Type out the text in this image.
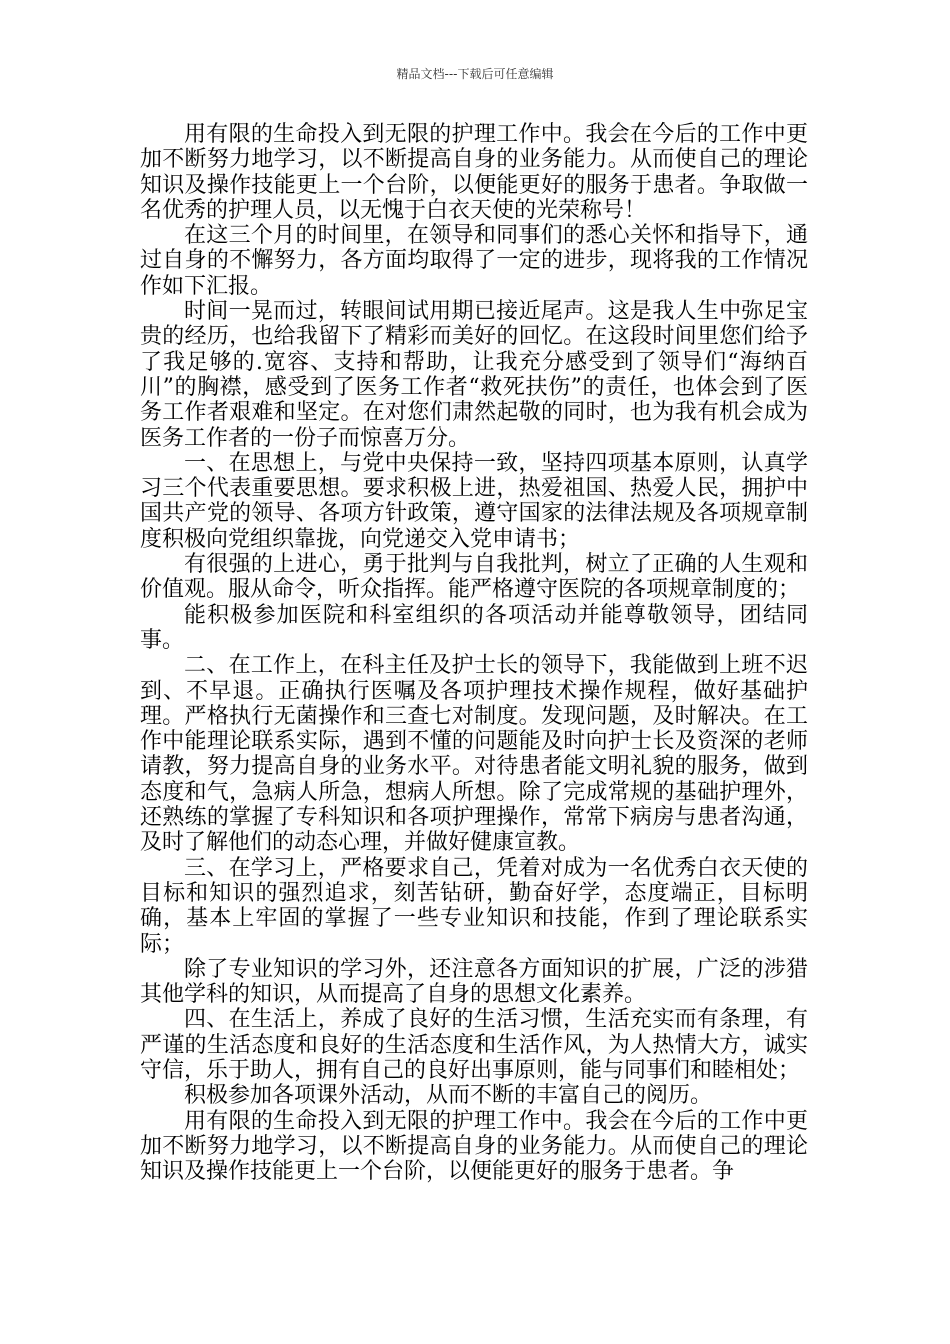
精品文档---下载后可任意编辑

用有限的生命投入到无限的护理工作中。我会在今后的工作中更加不断努力地学习，以不断提高自身的业务能力。从而使自己的理论知识及操作技能更上一个台阶，以便能更好的服务于患者。争取做一名优秀的护理人员，以无愧于白衣天使的光荣称号！

在这三个月的时间里，在领导和同事们的悉心关怀和指导下，通过自身的不懈努力，各方面均取得了一定的进步，现将我的工作情况作如下汇报。

时间一晃而过，转眼间试用期已接近尾声。这是我人生中弥足宝贵的经历，也给我留下了精彩而美好的回忆。在这段时间里您们给予了我足够的.宽容、支持和帮助，让我充分感受到了领导们“海纳百川”的胸襟，感受到了医务工作者“救死扶伤”的责任，也体会到了医务工作者艰难和坚定。在对您们肃然起敬的同时，也为我有机会成为医务工作者的一份子而惊喜万分。

一、在思想上，与党中央保持一致，坚持四项基本原则，认真学习三个代表重要思想。要求积极上进，热爱祖国、热爱人民，拥护中国共产党的领导、各项方针政策，遵守国家的法律法规及各项规章制度积极向党组织靠拢，向党递交入党申请书；

有很强的上进心，勇于批判与自我批判，树立了正确的人生观和价值观。服从命令，听众指挥。能严格遵守医院的各项规章制度的；

能积极参加医院和科室组织的各项活动并能尊敬领导，团结同事。

二、在工作上，在科主任及护士长的领导下，我能做到上班不迟到、不早退。正确执行医嘱及各项护理技术操作规程，做好基础护理。严格执行无菌操作和三查七对制度。发现问题，及时解决。在工作中能理论联系实际，遇到不懂的问题能及时向护士长及资深的老师请教，努力提高自身的业务水平。对待患者能文明礼貌的服务，做到态度和气，急病人所急，想病人所想。除了完成常规的基础护理外，还熟练的掌握了专科知识和各项护理操作，常常下病房与患者沟通，及时了解他们的动态心理，并做好健康宣教。

三、在学习上，严格要求自己，凭着对成为一名优秀白衣天使的目标和知识的强烈追求，刻苦钻研，勤奋好学，态度端正，目标明确，基本上牢固的掌握了一些专业知识和技能，作到了理论联系实际；

除了专业知识的学习外，还注意各方面知识的扩展，广泛的涉猎其他学科的知识，从而提高了自身的思想文化素养。

四、在生活上，养成了良好的生活习惯，生活充实而有条理，有严谨的生活态度和良好的生活态度和生活作风，为人热情大方，诚实守信，乐于助人，拥有自己的良好出事原则，能与同事们和睦相处；

积极参加各项课外活动，从而不断的丰富自己的阅历。

用有限的生命投入到无限的护理工作中。我会在今后的工作中更加不断努力地学习，以不断提高自身的业务能力。从而使自己的理论知识及操作技能更上一个台阶，以便能更好的服务于患者。争
